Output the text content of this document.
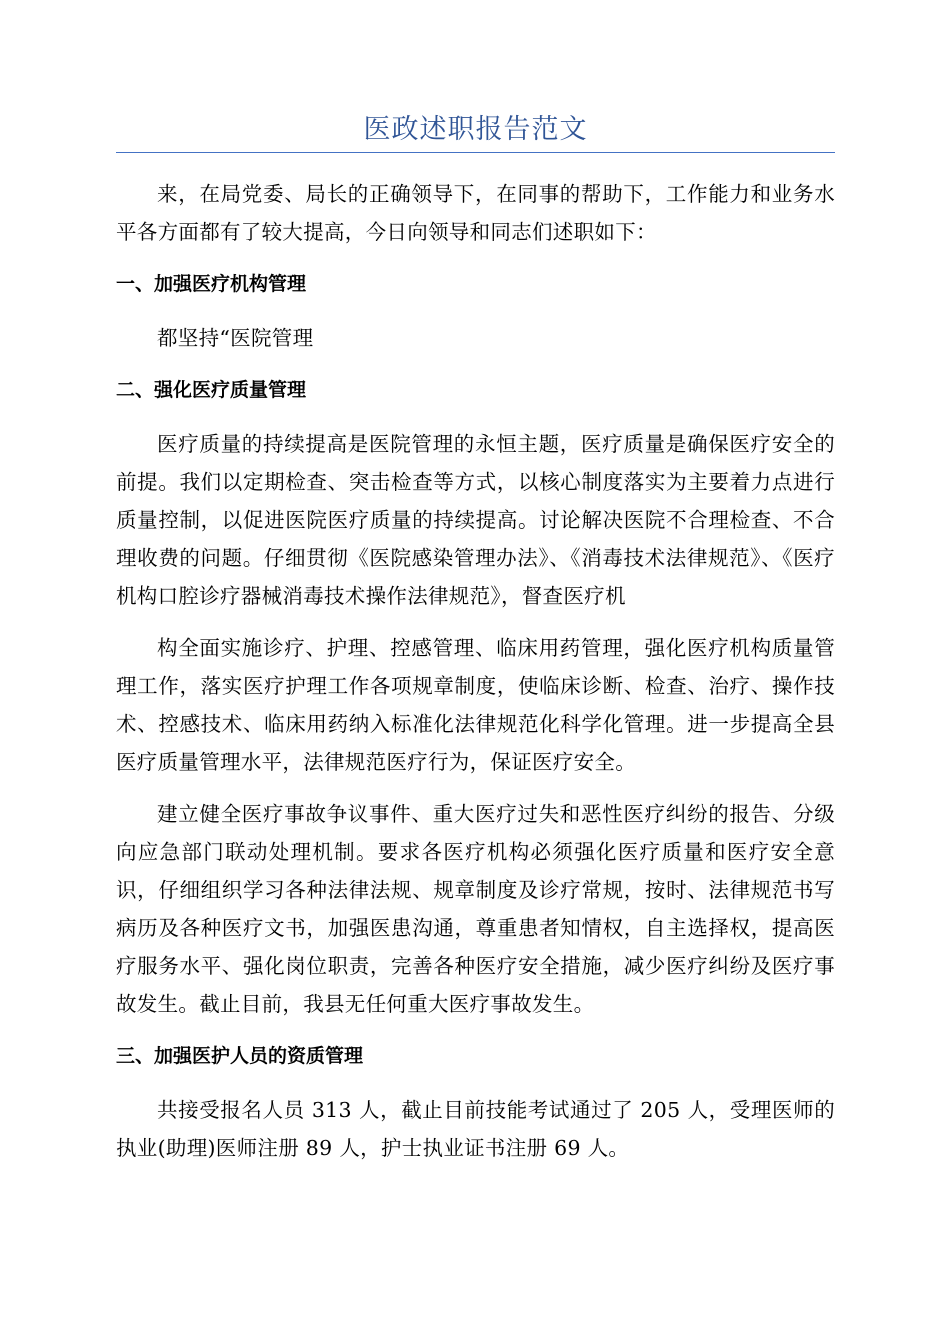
医政述职报告范文

来，在局党委、局长的正确领导下，在同事的帮助下，工作能力和业务水平各方面都有了较大提高，今日向领导和同志们述职如下：

一、加强医疗机构管理

都坚持“医院管理

二、强化医疗质量管理

医疗质量的持续提高是医院管理的永恒主题，医疗质量是确保医疗安全的前提。我们以定期检查、突击检查等方式，以核心制度落实为主要着力点进行质量控制，以促进医院医疗质量的持续提高。讨论解决医院不合理检查、不合理收费的问题。仔细贯彻《医院感染管理办法》、《消毒技术法律规范》、《医疗机构口腔诊疗器械消毒技术操作法律规范》，督查医疗机

构全面实施诊疗、护理、控感管理、临床用药管理，强化医疗机构质量管理工作，落实医疗护理工作各项规章制度，使临床诊断、检查、治疗、操作技术、控感技术、临床用药纳入标准化法律规范化科学化管理。进一步提高全县医疗质量管理水平，法律规范医疗行为，保证医疗安全。

建立健全医疗事故争议事件、重大医疗过失和恶性医疗纠纷的报告、分级向应急部门联动处理机制。要求各医疗机构必须强化医疗质量和医疗安全意识，仔细组织学习各种法律法规、规章制度及诊疗常规，按时、法律规范书写病历及各种医疗文书，加强医患沟通，尊重患者知情权，自主选择权，提高医疗服务水平、强化岗位职责，完善各种医疗安全措施，减少医疗纠纷及医疗事故发生。截止目前，我县无任何重大医疗事故发生。

三、加强医护人员的资质管理

共接受报名人员 313 人，截止目前技能考试通过了 205 人，受理医师的执业(助理)医师注册 89 人，护士执业证书注册 69 人。
